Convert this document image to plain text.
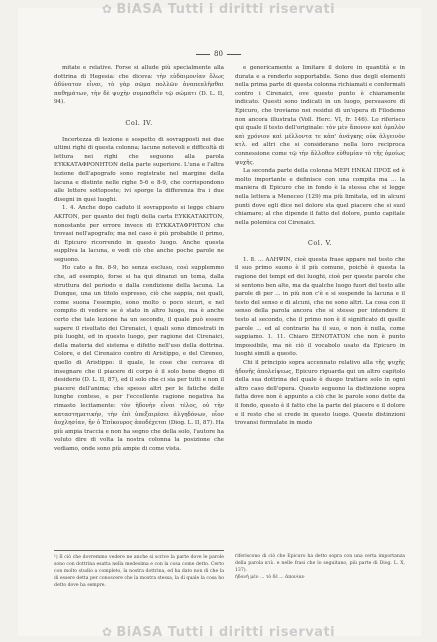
✿ BiASA Tutti i diritti riservati
80

mitate e relative. Forse si allude più specialmente alla dottrina di Hegesia: che diceva: τὴν εὐδαιμονίαν ὅλως ἀδύνατον εἶναι, τὸ γὰρ σῶμα πολλῶν ἀναπεπλῆσθαι παθημάτων, τὴν δὲ ψυχὴν συμπαθεῖν τῷ σώματι (D. L. II, 94).

Col. IV.

Incertezza di lezione e sospetto di sovrapposti nei due ultimi righi di questa colonna; lacune notevoli e difficoltà di lettura nei righi che seguono alla parola ΕΥΚΚΑΤΑΦΡΟΝΗΤΟΝ della parte superiore. L'una e l'altra lezione dell'apografo sono registrate nel margine della lacuna e distinte nelle righe 5-6 e 8-9, che corrispondono alle lettere sottoposte; ivi sporge la differenza fra i due disegni in quei luoghi.

1. 4. Anche dopo caduto il sovrapposto si legge chiaro ΑΚΙΤΟΝ, per quanto dei fogli della carta ΕΥΚΚΑΤΑΚΙΤΟΝ, nonostante per errore invece di ΕΥΚΚΑΤΑΦΡΗΤΟΝ che trovasi nell'apografo; ma nel caso è più probabile il primo, di Epicuro ricorrendo in questo luogo. Anche questa suppliva la lacuna, e vedi ciò che anche poche parole ne seguono.

Ho cato a fin. 8-9, ho senza escluso, così supplemmo che, ad esempio, forse si ha qui dinanzi un tema, dalla struttura del periodo e dalla condizione della lacuna. La Dunque, una un titolo espresso, ciò che sappia, nei quali, come suona l'esempio, sono molto o poco sicuri, e nel compito di vedere se è stato in altro luogo, ma è anche certo che tale lezione ha un secondo, il quale può essere sapere il risultato dei Cirenaici, i quali sono dimostrati in più luoghi, ed in questo luogo, per ragione dei Cirenaici, della materia del sistema e difetto nell'uso della dottrina. Colore, e del Cirenaico contro di Aristippo, e del Cireneo, quello di Aristippo: il quale, le cose che cercava di insegnare che il piacere di corpo è il solo bene degno di desiderio (D. L. II, 87), ed il solo che ci sia per tutti e non il piacere dell'anima; che spesso altri per le fatiche delle lunghe contese, e per l'eccellente ragione negativa ha rimasto lecitamente: τὸν ἡδονὴν εἶναι τέλος, οὐ τὴν καταστηματικήν, τὴν ἐπὶ ὑπεξαιρέσει ἀλγηδόνων, οἷον ἀοχλησίαν, ἣν ὁ Ἐπίκουρος ἀποδέχεται (Diog. L. II, 87). Ha più ampia traccia e non ha segno che della solo, l'autore ha voluto dire di volta la nostra colonna la posizione che vediamo, onde sono più ampie di come vista.

e genericamente a limitare il dolore in quantità e in durata e a renderlo sopportabile. Sono due degli elementi nella prima parte di questa colonna richiamati e confermati contro i Cirenaici, ove questo punto è chiaramente indicato. Questi sono indicati in un luogo, persuasore di Epicuro, che troviamo nei residui di un'opera di Filodemo non ancora illustrata (Voll. Herc. VI, fr. 146). Lo riferisco qui quale il testo dell'originale: τὸν μὲν ἄπονον καὶ ὁμαλὸν καὶ χρόνιον καὶ μέλλοντα τε κἀπ' ἀνάγκης οὐκ ἀλγεινὸν κτλ. ed altri che si considerano nella loro reciproca connessione come τῷ τὴν ἄλλοθεν εὐθυμίαν τὸ τῆς ὁμοίως ψυχῆς.

La seconda parte della colonna ΜΕΡΙ ΗΝΚΑΙ ΠΡΟΣ ed è molto importante e definisce con una compita ma ... la maniera di Epicuro che in fondo è la stessa che si legge nella lettera a Meneceo (129) ma più limitata, ed in alcuni punti dove egli dice nel dolore sta quel piacere che si suol chiamare; al che dipende il fatto del dolore, punto capitale nella polemica coi Cirenaici.

Col. V.

1. 8. ... ΑΛΗΨΙΝ, cioè questa frase appare nel testo che il suo primo suono è il più comune, poichè è questa la ragione dei tempi ed dei luoghi, cioè per queste parole che si sentono ben alte, ma da qualche luogo fuori del testo alle parole di per ... in più non c'è e si sospende la lacuna e il testo del senso e di alcuni, che ne sono altri. La cosa con il senso della parola ancora che si stesse per intendere il testo al secondo, che il primo non è il significato di quelle parole ... ed al contrario ha il suo, e non è nulla, come sappiamo. 1. 11. Chiaro ΞΕΝΟΤΑΤΟΝ che non è punto impossibile, ma nè ciò il vocabolo usato da Epicuro in luoghi simili a questo.

Chi il principio sopra accennato relativo alla τῆς ψυχῆς ἡδονῆς ἀπολείψεως, Epicuro riguarda qui un altro capitolo della sua dottrina del quale è duopo trattare solo in ogni altro caso dell'opera. Questo seguono la distinzione sopra fatta dove non è appunto a ciò che le parole sono dette da il fondo, questo è il fatto che la parte del piacere e il dolore e il resto che si crede in questo luogo. Queste distinzioni trovansi formulate in modo

¹) Il ciò che dovremmo vedere ne anche si scrive la parte dove le parole sono con dottrina esatta nella medesima e con la cosa come detto. Certo con molto studio a completo, la nostra dottrina, ed ha dato non di che la di essere detta per conoscere che la mostra stessa, la di quale la cosa ho detto dove ha sempre.
riferiscono di ciò che Epicuro ha detto sopra con una certa importanza della parola κτλ. e nelle frasi che lo seguitano, più parte di Diog. L. X, 137).
ἡδονὴ μὲν ... τὸ δὲ ... ἀπονίαν
✿ BiASA Tutti i diritti riservati
